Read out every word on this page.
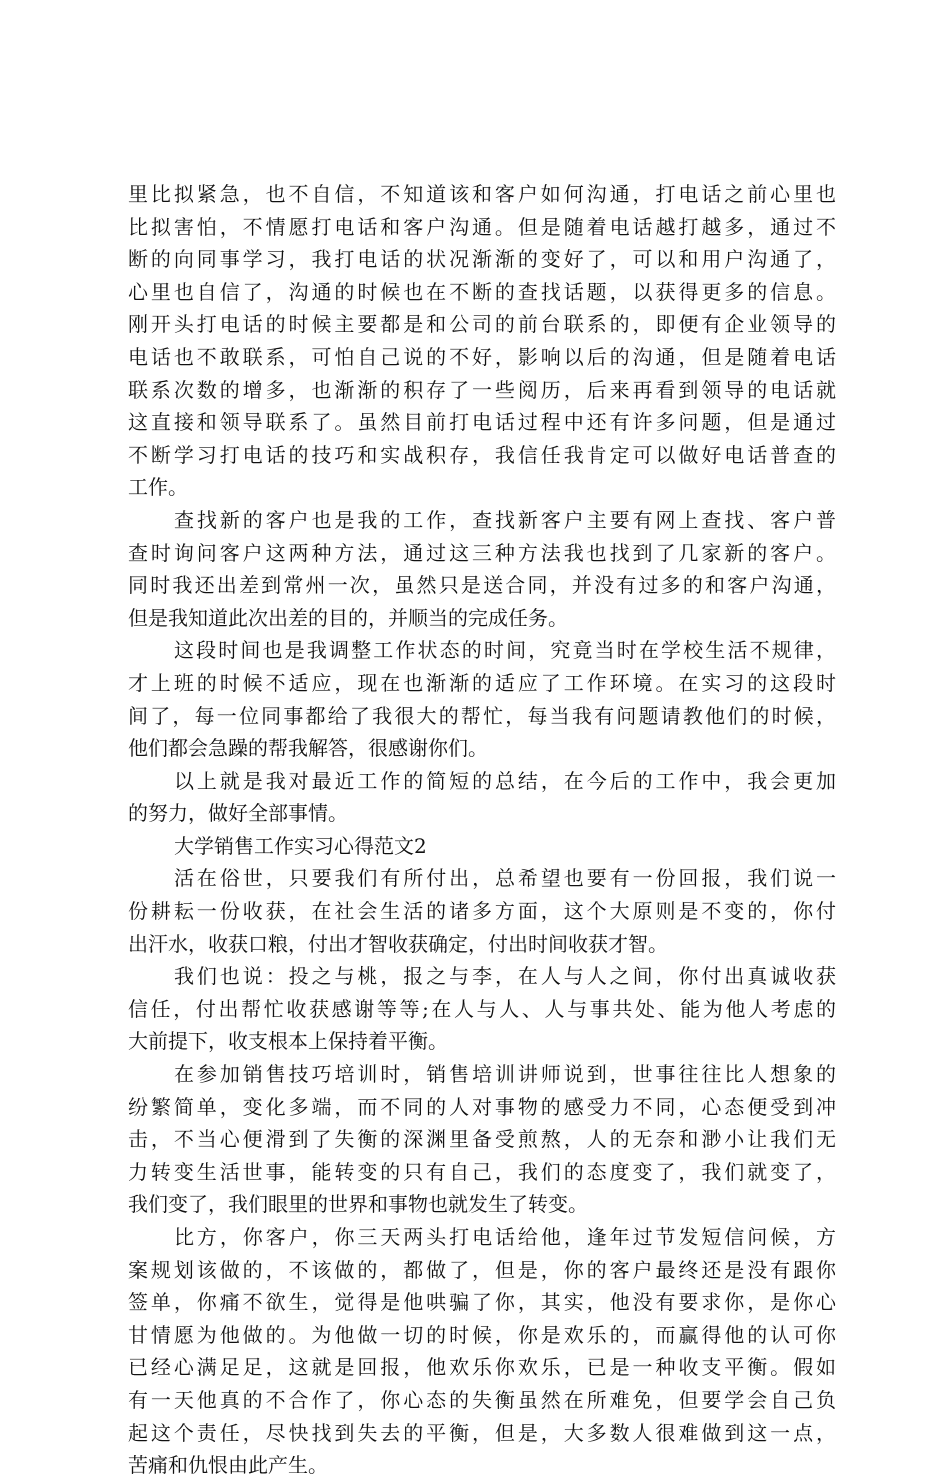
里比拟紧急，也不自信，不知道该和客户如何沟通，打电话之前心里也
比拟害怕，不情愿打电话和客户沟通。但是随着电话越打越多，通过不
断的向同事学习，我打电话的状况渐渐的变好了，可以和用户沟通了，
心里也自信了，沟通的时候也在不断的查找话题，以获得更多的信息。
刚开头打电话的时候主要都是和公司的前台联系的，即便有企业领导的
电话也不敢联系，可怕自己说的不好，影响以后的沟通，但是随着电话
联系次数的增多，也渐渐的积存了一些阅历，后来再看到领导的电话就
这直接和领导联系了。虽然目前打电话过程中还有许多问题，但是通过
不断学习打电话的技巧和实战积存，我信任我肯定可以做好电话普查的
工作。
查找新的客户也是我的工作，查找新客户主要有网上查找、客户普
查时询问客户这两种方法，通过这三种方法我也找到了几家新的客户。
同时我还出差到常州一次，虽然只是送合同，并没有过多的和客户沟通，
但是我知道此次出差的目的，并顺当的完成任务。
这段时间也是我调整工作状态的时间，究竟当时在学校生活不规律，
才上班的时候不适应，现在也渐渐的适应了工作环境。在实习的这段时
间了，每一位同事都给了我很大的帮忙，每当我有问题请教他们的时候，
他们都会急躁的帮我解答，很感谢你们。
以上就是我对最近工作的简短的总结，在今后的工作中，我会更加
的努力，做好全部事情。
大学销售工作实习心得范文2
活在俗世，只要我们有所付出，总希望也要有一份回报，我们说一
份耕耘一份收获，在社会生活的诸多方面，这个大原则是不变的，你付
出汗水，收获口粮，付出才智收获确定，付出时间收获才智。
我们也说：投之与桃，报之与李，在人与人之间，你付出真诚收获
信任，付出帮忙收获感谢等等;在人与人、人与事共处、能为他人考虑的
大前提下，收支根本上保持着平衡。
在参加销售技巧培训时，销售培训讲师说到，世事往往比人想象的
纷繁简单，变化多端，而不同的人对事物的感受力不同，心态便受到冲
击，不当心便滑到了失衡的深渊里备受煎熬，人的无奈和渺小让我们无
力转变生活世事，能转变的只有自己，我们的态度变了，我们就变了，
我们变了，我们眼里的世界和事物也就发生了转变。
比方，你客户，你三天两头打电话给他，逢年过节发短信问候，方
案规划该做的，不该做的，都做了，但是，你的客户最终还是没有跟你
签单，你痛不欲生，觉得是他哄骗了你，其实，他没有要求你，是你心
甘情愿为他做的。为他做一切的时候，你是欢乐的，而赢得他的认可你
已经心满足足，这就是回报，他欢乐你欢乐，已是一种收支平衡。假如
有一天他真的不合作了，你心态的失衡虽然在所难免，但要学会自己负
起这个责任，尽快找到失去的平衡，但是，大多数人很难做到这一点，
苦痛和仇恨由此产生。
